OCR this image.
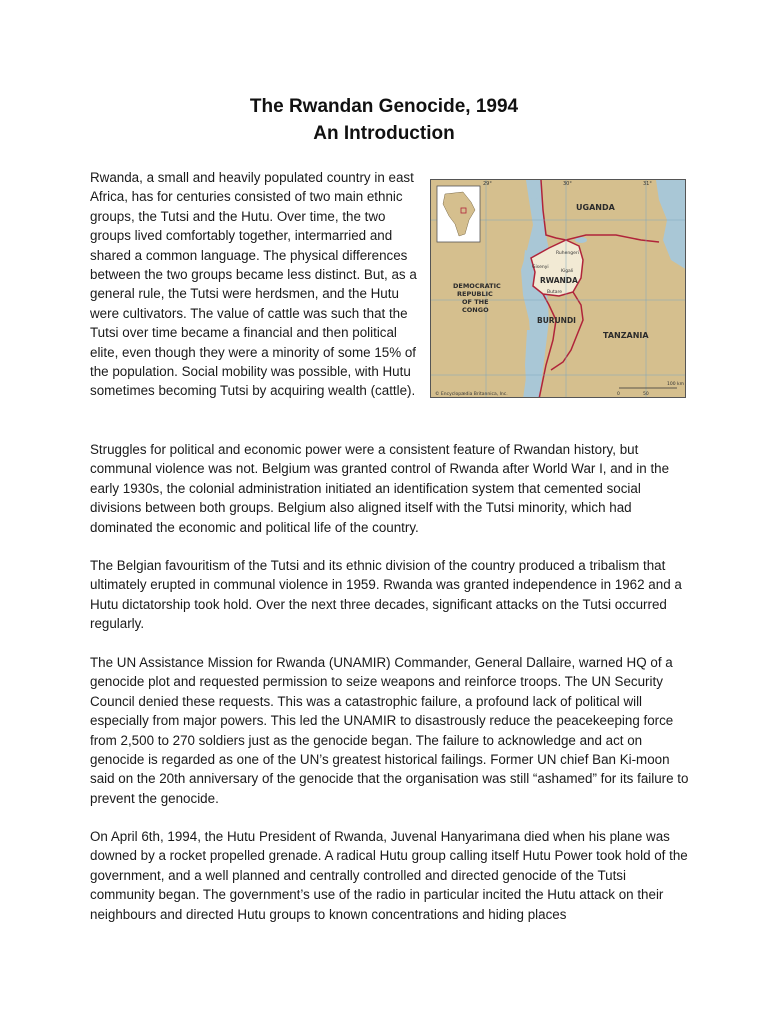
The Rwandan Genocide, 1994
An Introduction
Rwanda, a small and heavily populated country in east Africa, has for centuries consisted of two main ethnic groups, the Tutsi and the Hutu. Over time, the two groups lived comfortably together, intermarried and shared a common language. The physical differences between the two groups became less distinct. But, as a general rule, the Tutsi were herdsmen, and the Hutu were cultivators. The value of cattle was such that the Tutsi over time became a financial and then political elite, even though they were a minority of some 15% of the population. Social mobility was possible, with Hutu sometimes becoming Tutsi by acquiring wealth (cattle).
UGANDA
RWANDA
BURUNDI
TANZANIA
DEMOCRATIC
REPUBLIC
OF THE
CONGO
Ruhengeri
Gisenyi
Kigali
Butare
29°	30°	31°
0	50
100 km
© Encyclopædia Britannica, Inc.
Struggles for political and economic power were a consistent feature of Rwandan history, but communal violence was not. Belgium was granted control of Rwanda after World War I, and in the early 1930s, the colonial administration initiated an identification system that cemented social divisions between both groups. Belgium also aligned itself with the Tutsi minority, which had dominated the economic and political life of the country.
The Belgian favouritism of the Tutsi and its ethnic division of the country produced a tribalism that ultimately erupted in communal violence in 1959. Rwanda was granted independence in 1962 and a Hutu dictatorship took hold. Over the next three decades, significant attacks on the Tutsi occurred regularly.
The UN Assistance Mission for Rwanda (UNAMIR) Commander, General Dallaire, warned HQ of a genocide plot and requested permission to seize weapons and reinforce troops. The UN Security Council denied these requests. This was a catastrophic failure, a profound lack of political will especially from major powers. This led the UNAMIR to disastrously reduce the peacekeeping force from 2,500 to 270 soldiers just as the genocide began. The failure to acknowledge and act on genocide is regarded as one of the UN’s greatest historical failings. Former UN chief Ban Ki-moon said on the 20th anniversary of the genocide that the organisation was still “ashamed” for its failure to prevent the genocide.
On April 6th, 1994, the Hutu President of Rwanda, Juvenal Hanyarimana died when his plane was downed by a rocket propelled grenade. A radical Hutu group calling itself Hutu Power took hold of the government, and a well planned and centrally controlled and directed genocide of the Tutsi community began. The government’s use of the radio in particular incited the Hutu attack on their neighbours and directed Hutu groups to known concentrations and hiding places
